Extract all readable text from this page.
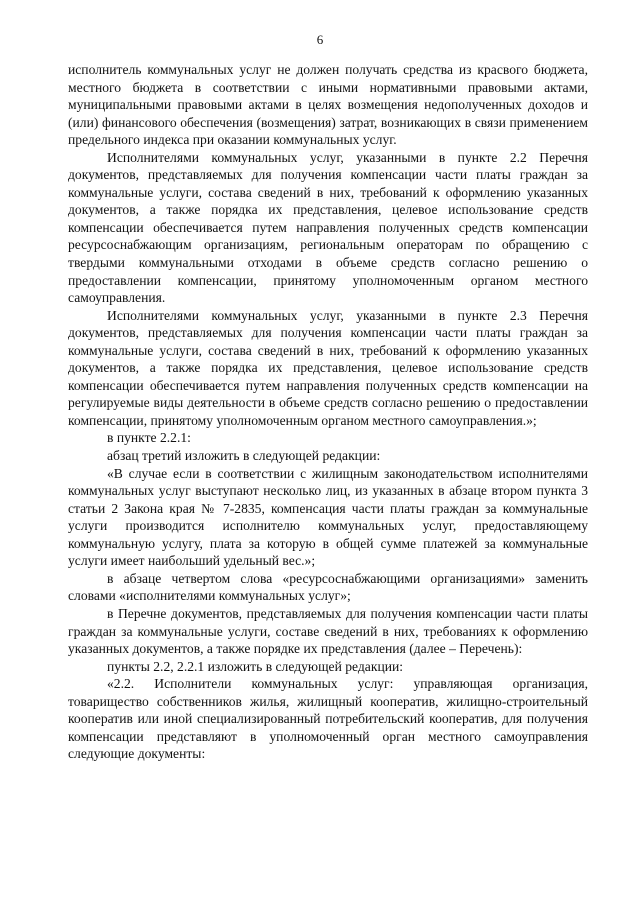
6

исполнитель коммунальных услуг не должен получать средства из красвого бюджета, местного бюджета в соответствии с иными нормативными правовыми актами, муниципальными правовыми актами в целях возмещения недополученных доходов и (или) финансового обеспечения (возмещения) затрат, возникающих в связи применением предельного индекса при оказании коммунальных услуг.

Исполнителями коммунальных услуг, указанными в пункте 2.2 Перечня документов, представляемых для получения компенсации части платы граждан за коммунальные услуги, состава сведений в них, требований к оформлению указанных документов, а также порядка их представления, целевое использование средств компенсации обеспечивается путем направления полученных средств компенсации ресурсоснабжающим организациям, региональным операторам по обращению с твердыми коммунальными отходами в объеме средств согласно решению о предоставлении компенсации, принятому уполномоченным органом местного самоуправления.

Исполнителями коммунальных услуг, указанными в пункте 2.3 Перечня документов, представляемых для получения компенсации части платы граждан за коммунальные услуги, состава сведений в них, требований к оформлению указанных документов, а также порядка их представления, целевое использование средств компенсации обеспечивается путем направления полученных средств компенсации на регулируемые виды деятельности в объеме средств согласно решению о предоставлении компенсации, принятому уполномоченным органом местного самоуправления.»;

в пункте 2.2.1:

абзац третий изложить в следующей редакции:

«В случае если в соответствии с жилищным законодательством исполнителями коммунальных услуг выступают несколько лиц, из указанных в абзаце втором пункта 3 статьи 2 Закона края № 7-2835, компенсация части платы граждан за коммунальные услуги производится исполнителю коммунальных услуг, предоставляющему коммунальную услугу, плата за которую в общей сумме платежей за коммунальные услуги имеет наибольший удельный вес.»;

в абзаце четвертом слова «ресурсоснабжающими организациями» заменить словами «исполнителями коммунальных услуг»;

в Перечне документов, представляемых для получения компенсации части платы граждан за коммунальные услуги, составе сведений в них, требованиях к оформлению указанных документов, а также порядке их представления (далее – Перечень):

пункты 2.2, 2.2.1 изложить в следующей редакции:

«2.2. Исполнители коммунальных услуг: управляющая организация, товарищество собственников жилья, жилищный кооператив, жилищно-строительный кооператив или иной специализированный потребительский кооператив, для получения компенсации представляют в уполномоченный орган местного самоуправления следующие документы:
